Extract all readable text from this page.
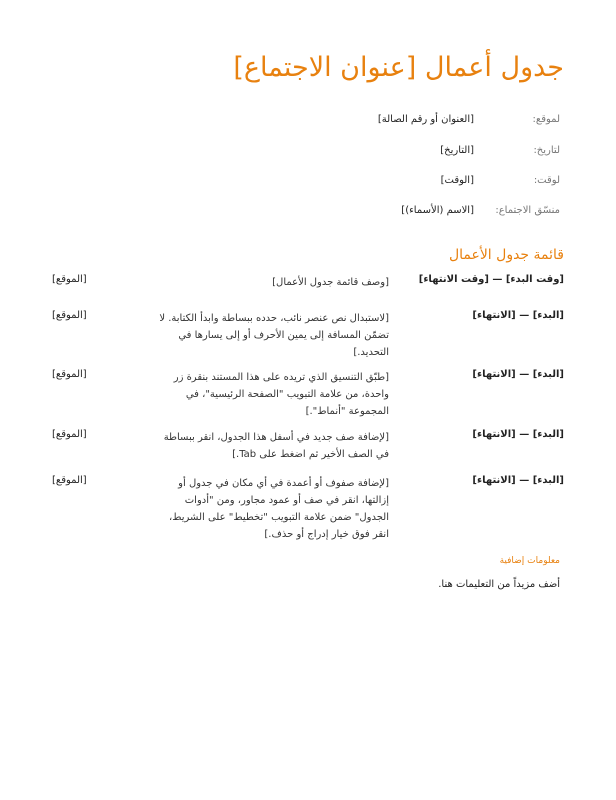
جدول أعمال [عنوان الاجتماع]
لموقع:
[العنوان أو رقم الصالة]
لتاريخ:
[التاريخ]
لوقت:
[الوقت]
منسّق الاجتماع:
[الاسم (الأسماء)]
قائمة جدول الأعمال
[وقت البدء] — [وقت الانتهاء]
[وصف قائمة جدول الأعمال]
[الموقع]
[البدء] — [الانتهاء]
[لاستبدال نص عنصر نائب، حدده ببساطة وابدأ الكتابة. لا تضمّن المسافة إلى يمين الأحرف أو إلى يسارها في التحديد.]
[الموقع]
[البدء] — [الانتهاء]
[طبّق التنسيق الذي تريده على هذا المستند بنقرة زر واحدة، من علامة التبويب "الصفحة الرئيسية"، في المجموعة "أنماط".]
[الموقع]
[البدء] — [الانتهاء]
[لإضافة صف جديد في أسفل هذا الجدول، انقر ببساطة في الصف الأخير ثم اضغط على Tab.]
[الموقع]
[البدء] — [الانتهاء]
[لإضافة صفوف أو أعمدة في أي مكان في جدول أو إزالتها، انقر في صف أو عمود مجاور، ومن "أدوات الجدول" ضمن علامة التبويب "تخطيط" على الشريط، انقر فوق خيار إدراج أو حذف.]
[الموقع]
معلومات إضافية

أضف مزيداً من التعليمات هنا.
